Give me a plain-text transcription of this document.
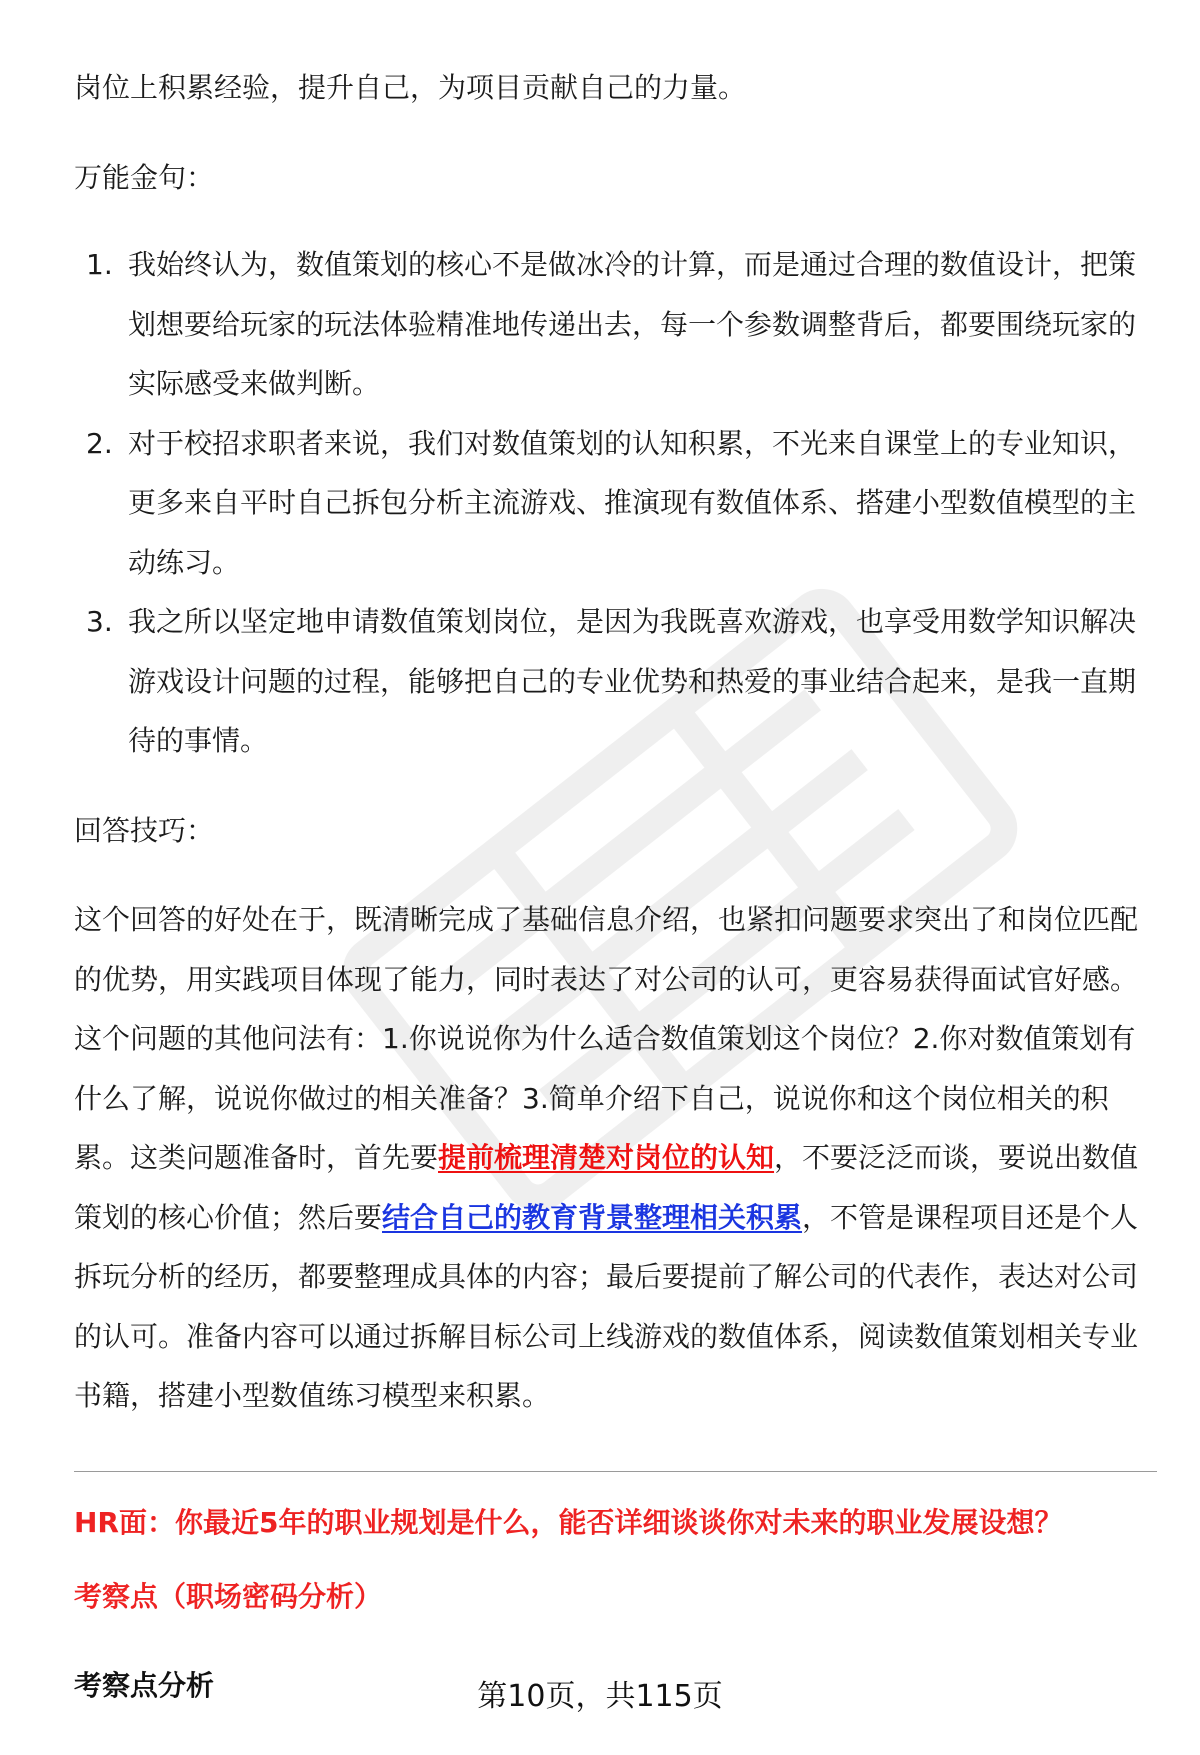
岗位上积累经验，提升自己，为项目贡献自己的力量。

万能金句：

1. 我始终认为，数值策划的核心不是做冰冷的计算，而是通过合理的数值设计，把策划想要给玩家的玩法体验精准地传递出去，每一个参数调整背后，都要围绕玩家的实际感受来做判断。
2. 对于校招求职者来说，我们对数值策划的认知积累，不光来自课堂上的专业知识，更多来自平时自己拆包分析主流游戏、推演现有数值体系、搭建小型数值模型的主动练习。
3. 我之所以坚定地申请数值策划岗位，是因为我既喜欢游戏，也享受用数学知识解决游戏设计问题的过程，能够把自己的专业优势和热爱的事业结合起来，是我一直期待的事情。

回答技巧：

这个回答的好处在于，既清晰完成了基础信息介绍，也紧扣问题要求突出了和岗位匹配的优势，用实践项目体现了能力，同时表达了对公司的认可，更容易获得面试官好感。这个问题的其他问法有：1.你说说你为什么适合数值策划这个岗位？2.你对数值策划有什么了解，说说你做过的相关准备？3.简单介绍下自己，说说你和这个岗位相关的积累。这类问题准备时，首先要提前梳理清楚对岗位的认知，不要泛泛而谈，要说出数值策划的核心价值；然后要结合自己的教育背景整理相关积累，不管是课程项目还是个人拆玩分析的经历，都要整理成具体的内容；最后要提前了解公司的代表作，表达对公司的认可。准备内容可以通过拆解目标公司上线游戏的数值体系，阅读数值策划相关专业书籍，搭建小型数值练习模型来积累。

HR面：你最近5年的职业规划是什么，能否详细谈谈你对未来的职业发展设想？
考察点（职场密码分析）
考察点分析	第10页，共115页
